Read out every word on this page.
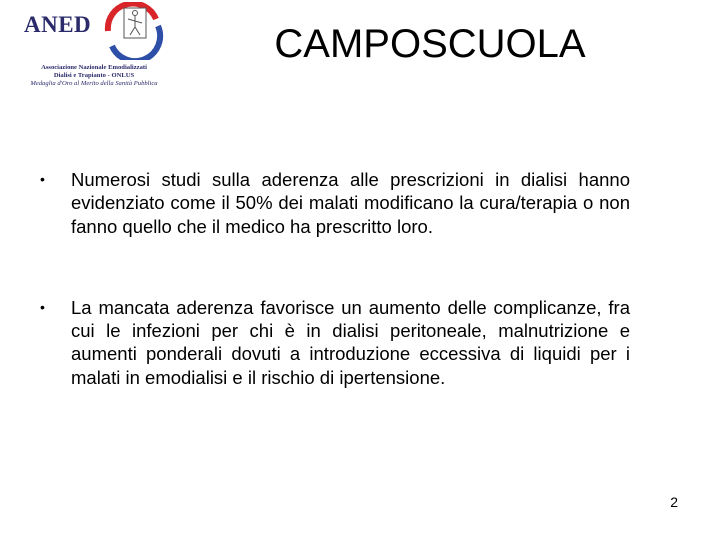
ANED
Associazione Nazionale Emodializzati
Dialisi e Trapianto - ONLUS
Medaglia d'Oro al Merito della Sanità Pubblica
CAMPOSCUOLA
• Numerosi studi sulla aderenza alle prescrizioni in dialisi hanno evidenziato come il 50% dei malati modificano la cura/terapia o non fanno quello che il medico ha prescritto loro.
• La mancata aderenza favorisce un aumento delle complicanze, fra cui le infezioni per chi è in dialisi peritoneale, malnutrizione e aumenti ponderali dovuti a introduzione eccessiva di liquidi per i malati in emodialisi e il rischio di ipertensione.
2
